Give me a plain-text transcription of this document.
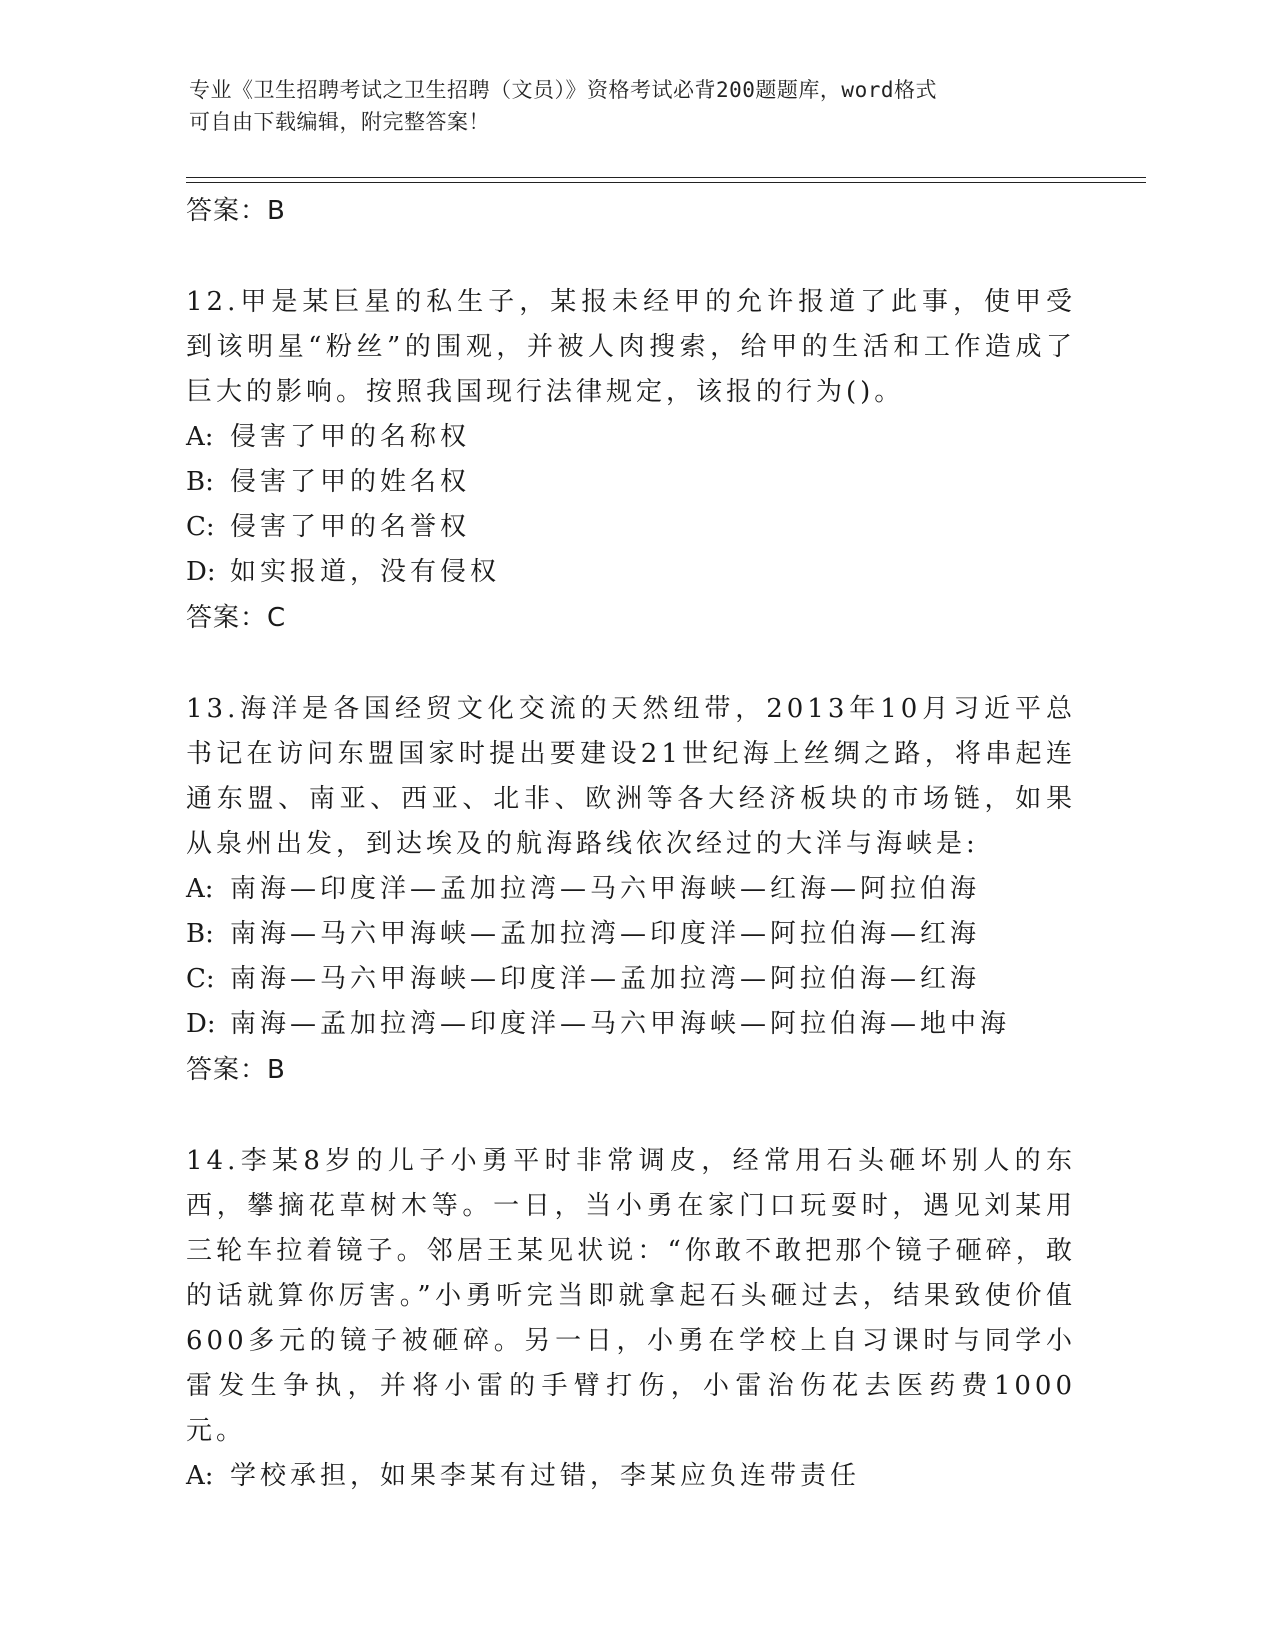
专业《卫生招聘考试之卫生招聘（文员）》资格考试必背200题题库，word格式
可自由下载编辑，附完整答案！

答案：B

12.甲是某巨星的私生子，某报未经甲的允许报道了此事，使甲受到该明星“粉丝”的围观，并被人肉搜索，给甲的生活和工作造成了巨大的影响。按照我国现行法律规定，该报的行为()。

A: 侵害了甲的名称权

B: 侵害了甲的姓名权

C: 侵害了甲的名誉权

D: 如实报道，没有侵权

答案：C

13.海洋是各国经贸文化交流的天然纽带，2013年10月习近平总书记在访问东盟国家时提出要建设21世纪海上丝绸之路，将串起连通东盟、南亚、西亚、北非、欧洲等各大经济板块的市场链，如果从泉州出发，到达埃及的航海路线依次经过的大洋与海峡是:

A: 南海—印度洋—孟加拉湾—马六甲海峡—红海—阿拉伯海

B: 南海—马六甲海峡—孟加拉湾—印度洋—阿拉伯海—红海

C: 南海—马六甲海峡—印度洋—孟加拉湾—阿拉伯海—红海

D: 南海—孟加拉湾—印度洋—马六甲海峡—阿拉伯海—地中海

答案：B

14.李某8岁的儿子小勇平时非常调皮，经常用石头砸坏别人的东西，攀摘花草树木等。一日，当小勇在家门口玩耍时，遇见刘某用三轮车拉着镜子。邻居王某见状说：“你敢不敢把那个镜子砸碎，敢的话就算你厉害。”小勇听完当即就拿起石头砸过去，结果致使价值600多元的镜子被砸碎。另一日，小勇在学校上自习课时与同学小雷发生争执，并将小雷的手臂打伤，小雷治伤花去医药费1000元。

A: 学校承担，如果李某有过错，李某应负连带责任
